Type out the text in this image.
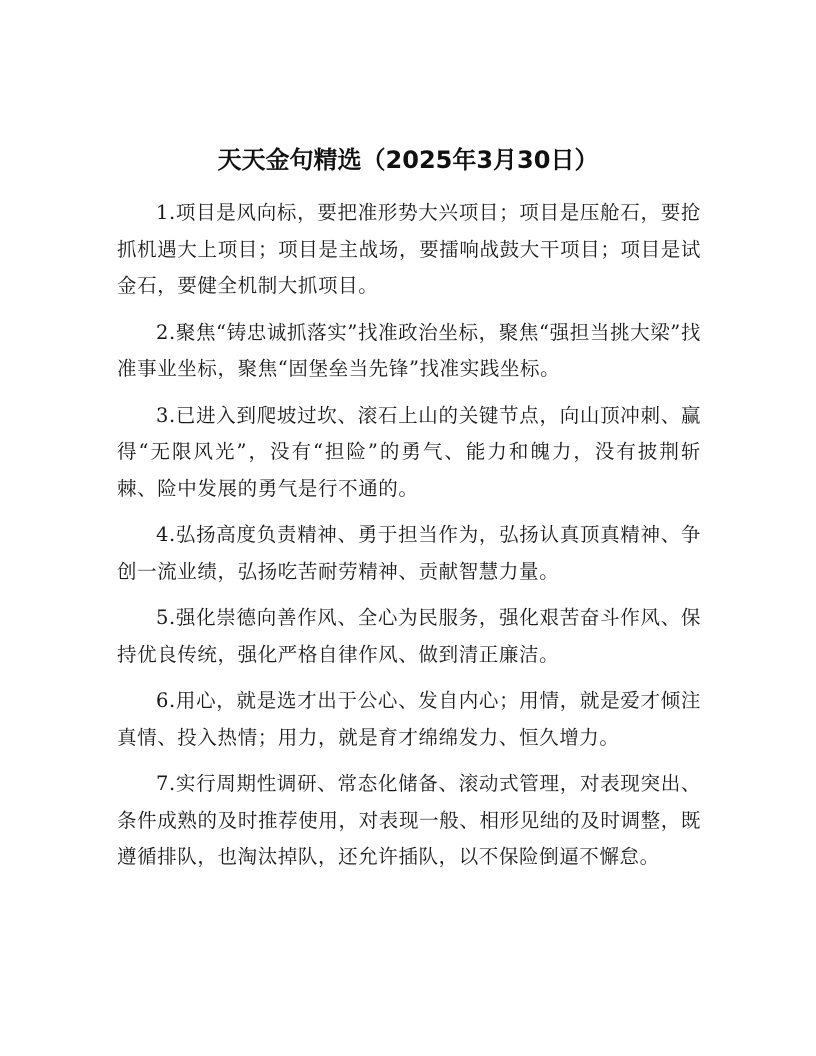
天天金句精选（2025年3月30日）

1.项目是风向标，要把准形势大兴项目；项目是压舱石，要抢抓机遇大上项目；项目是主战场，要擂响战鼓大干项目；项目是试金石，要健全机制大抓项目。

2.聚焦“铸忠诚抓落实”找准政治坐标，聚焦“强担当挑大梁”找准事业坐标，聚焦“固堡垒当先锋”找准实践坐标。

3.已进入到爬坡过坎、滚石上山的关键节点，向山顶冲刺、赢得“无限风光”，没有“担险”的勇气、能力和魄力，没有披荆斩棘、险中发展的勇气是行不通的。

4.弘扬高度负责精神、勇于担当作为，弘扬认真顶真精神、争创一流业绩，弘扬吃苦耐劳精神、贡献智慧力量。

5.强化崇德向善作风、全心为民服务，强化艰苦奋斗作风、保持优良传统，强化严格自律作风、做到清正廉洁。

6.用心，就是选才出于公心、发自内心；用情，就是爱才倾注真情、投入热情；用力，就是育才绵绵发力、恒久增力。

7.实行周期性调研、常态化储备、滚动式管理，对表现突出、条件成熟的及时推荐使用，对表现一般、相形见绌的及时调整，既遵循排队，也淘汰掉队，还允许插队，以不保险倒逼不懈怠。
